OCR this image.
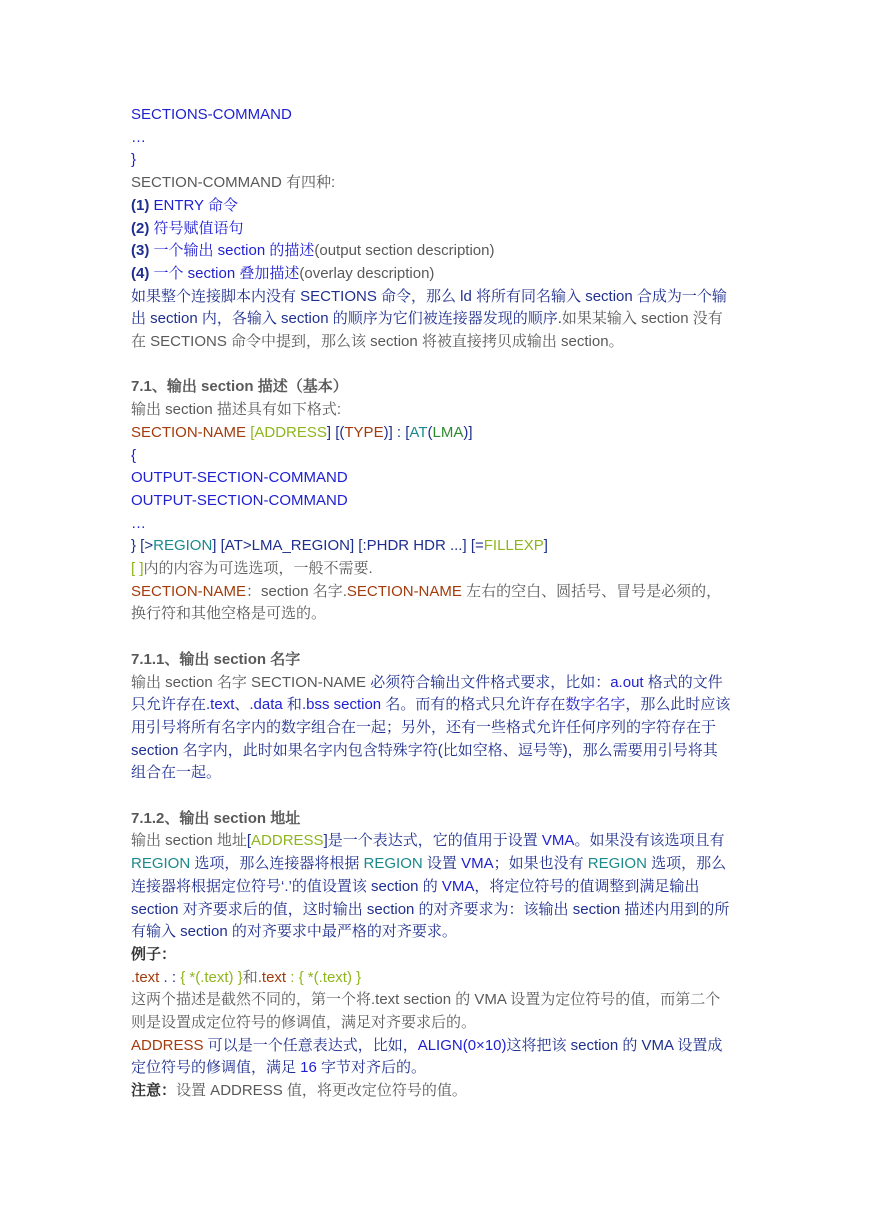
SECTIONS-COMMAND
…
}
SECTION-COMMAND 有四种:
(1) ENTRY 命令
(2) 符号赋值语句
(3) 一个输出 section 的描述(output section description)
(4) 一个 section 叠加描述(overlay description)
如果整个连接脚本内没有 SECTIONS 命令，那么 ld 将所有同名输入 section 合成为一个输
出 section 内，各输入 section 的顺序为它们被连接器发现的顺序.如果某输入 section 没有
在 SECTIONS 命令中提到，那么该 section 将被直接拷贝成输出 section。
7.1、输出 section 描述（基本）
输出 section 描述具有如下格式:
SECTION-NAME [ADDRESS] [(TYPE)] : [AT(LMA)]
{
OUTPUT-SECTION-COMMAND
OUTPUT-SECTION-COMMAND
…
} [>REGION] [AT>LMA_REGION] [:PHDR HDR ...] [=FILLEXP]
[ ]内的内容为可选选项，一般不需要.
SECTION-NAME：section 名字.SECTION-NAME 左右的空白、圆括号、冒号是必须的，
换行符和其他空格是可选的。
7.1.1、输出 section 名字
输出 section 名字 SECTION-NAME 必须符合输出文件格式要求，比如：a.out 格式的文件
只允许存在.text、.data 和.bss section 名。而有的格式只允许存在数字名字，那么此时应该
用引号将所有名字内的数字组合在一起；另外，还有一些格式允许任何序列的字符存在于
section 名字内，此时如果名字内包含特殊字符(比如空格、逗号等)，那么需要用引号将其
组合在一起。
7.1.2、输出 section 地址
输出 section 地址[ADDRESS]是一个表达式，它的值用于设置 VMA。如果没有该选项且有
REGION 选项，那么连接器将根据 REGION 设置 VMA；如果也没有 REGION 选项，那么
连接器将根据定位符号‘.’的值设置该 section 的 VMA，将定位符号的值调整到满足输出
section 对齐要求后的值，这时输出 section 的对齐要求为：该输出 section 描述内用到的所
有输入 section 的对齐要求中最严格的对齐要求。
例子：
.text . : { *(.text) }和.text : { *(.text) }
这两个描述是截然不同的，第一个将.text section 的 VMA 设置为定位符号的值，而第二个
则是设置成定位符号的修调值，满足对齐要求后的。
ADDRESS 可以是一个任意表达式，比如，ALIGN(0×10)这将把该 section 的 VMA 设置成
定位符号的修调值，满足 16 字节对齐后的。
注意：设置 ADDRESS 值，将更改定位符号的值。
